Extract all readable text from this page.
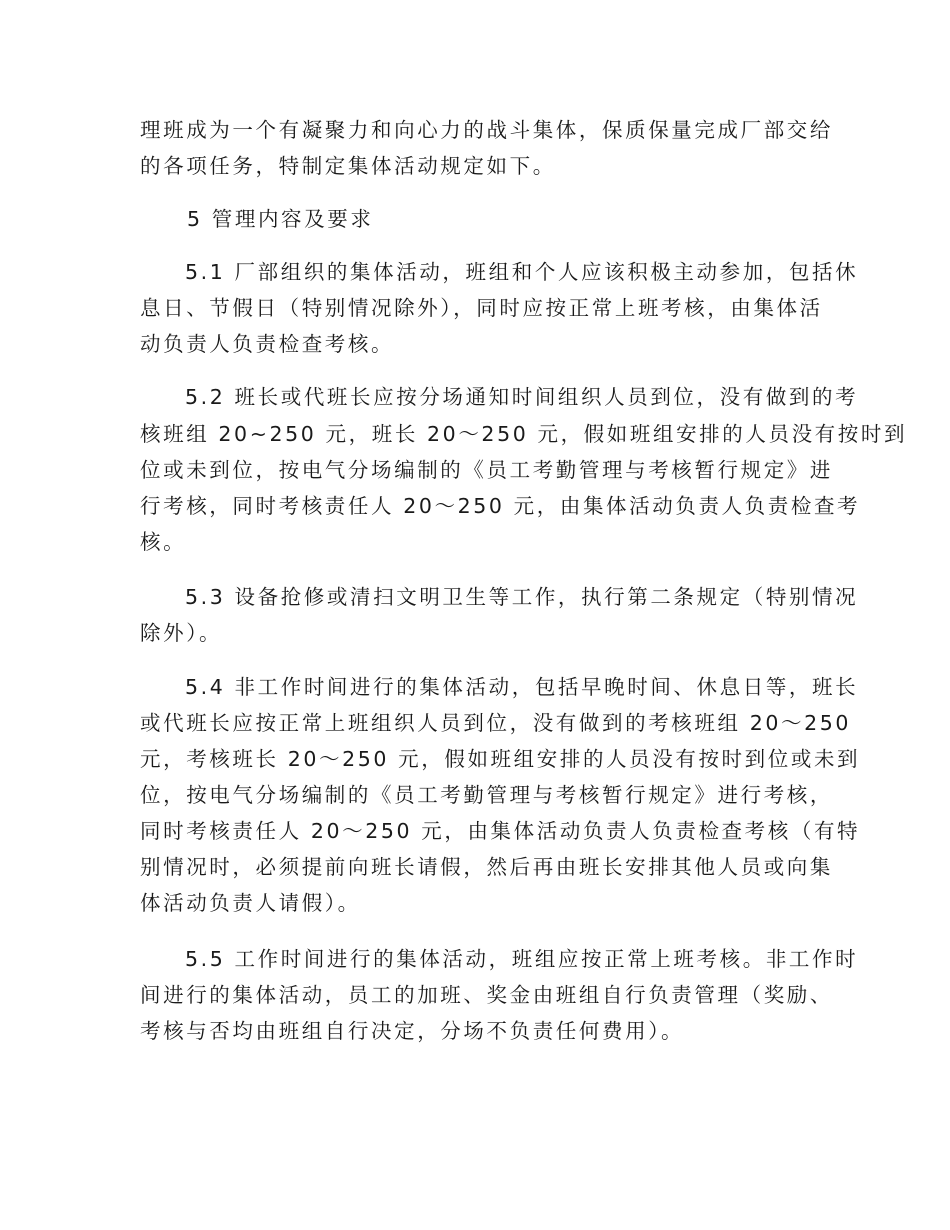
理班成为一个有凝聚力和向心力的战斗集体，保质保量完成厂部交给
的各项任务，特制定集体活动规定如下。
5 管理内容及要求
5.1 厂部组织的集体活动，班组和个人应该积极主动参加，包括休
息日、节假日（特别情况除外），同时应按正常上班考核，由集体活
动负责人负责检查考核。
5.2 班长或代班长应按分场通知时间组织人员到位，没有做到的考
核班组 20~250 元，班长 20～250 元，假如班组安排的人员没有按时到
位或未到位，按电气分场编制的《员工考勤管理与考核暂行规定》进
行考核，同时考核责任人 20～250 元，由集体活动负责人负责检查考
核。
5.3 设备抢修或清扫文明卫生等工作，执行第二条规定（特别情况
除外）。
5.4 非工作时间进行的集体活动，包括早晚时间、休息日等，班长
或代班长应按正常上班组织人员到位，没有做到的考核班组 20～250
元，考核班长 20～250 元，假如班组安排的人员没有按时到位或未到
位，按电气分场编制的《员工考勤管理与考核暂行规定》进行考核，
同时考核责任人 20～250 元，由集体活动负责人负责检查考核（有特
别情况时，必须提前向班长请假，然后再由班长安排其他人员或向集
体活动负责人请假）。
5.5 工作时间进行的集体活动，班组应按正常上班考核。非工作时
间进行的集体活动，员工的加班、奖金由班组自行负责管理（奖励、
考核与否均由班组自行决定，分场不负责任何费用）。
